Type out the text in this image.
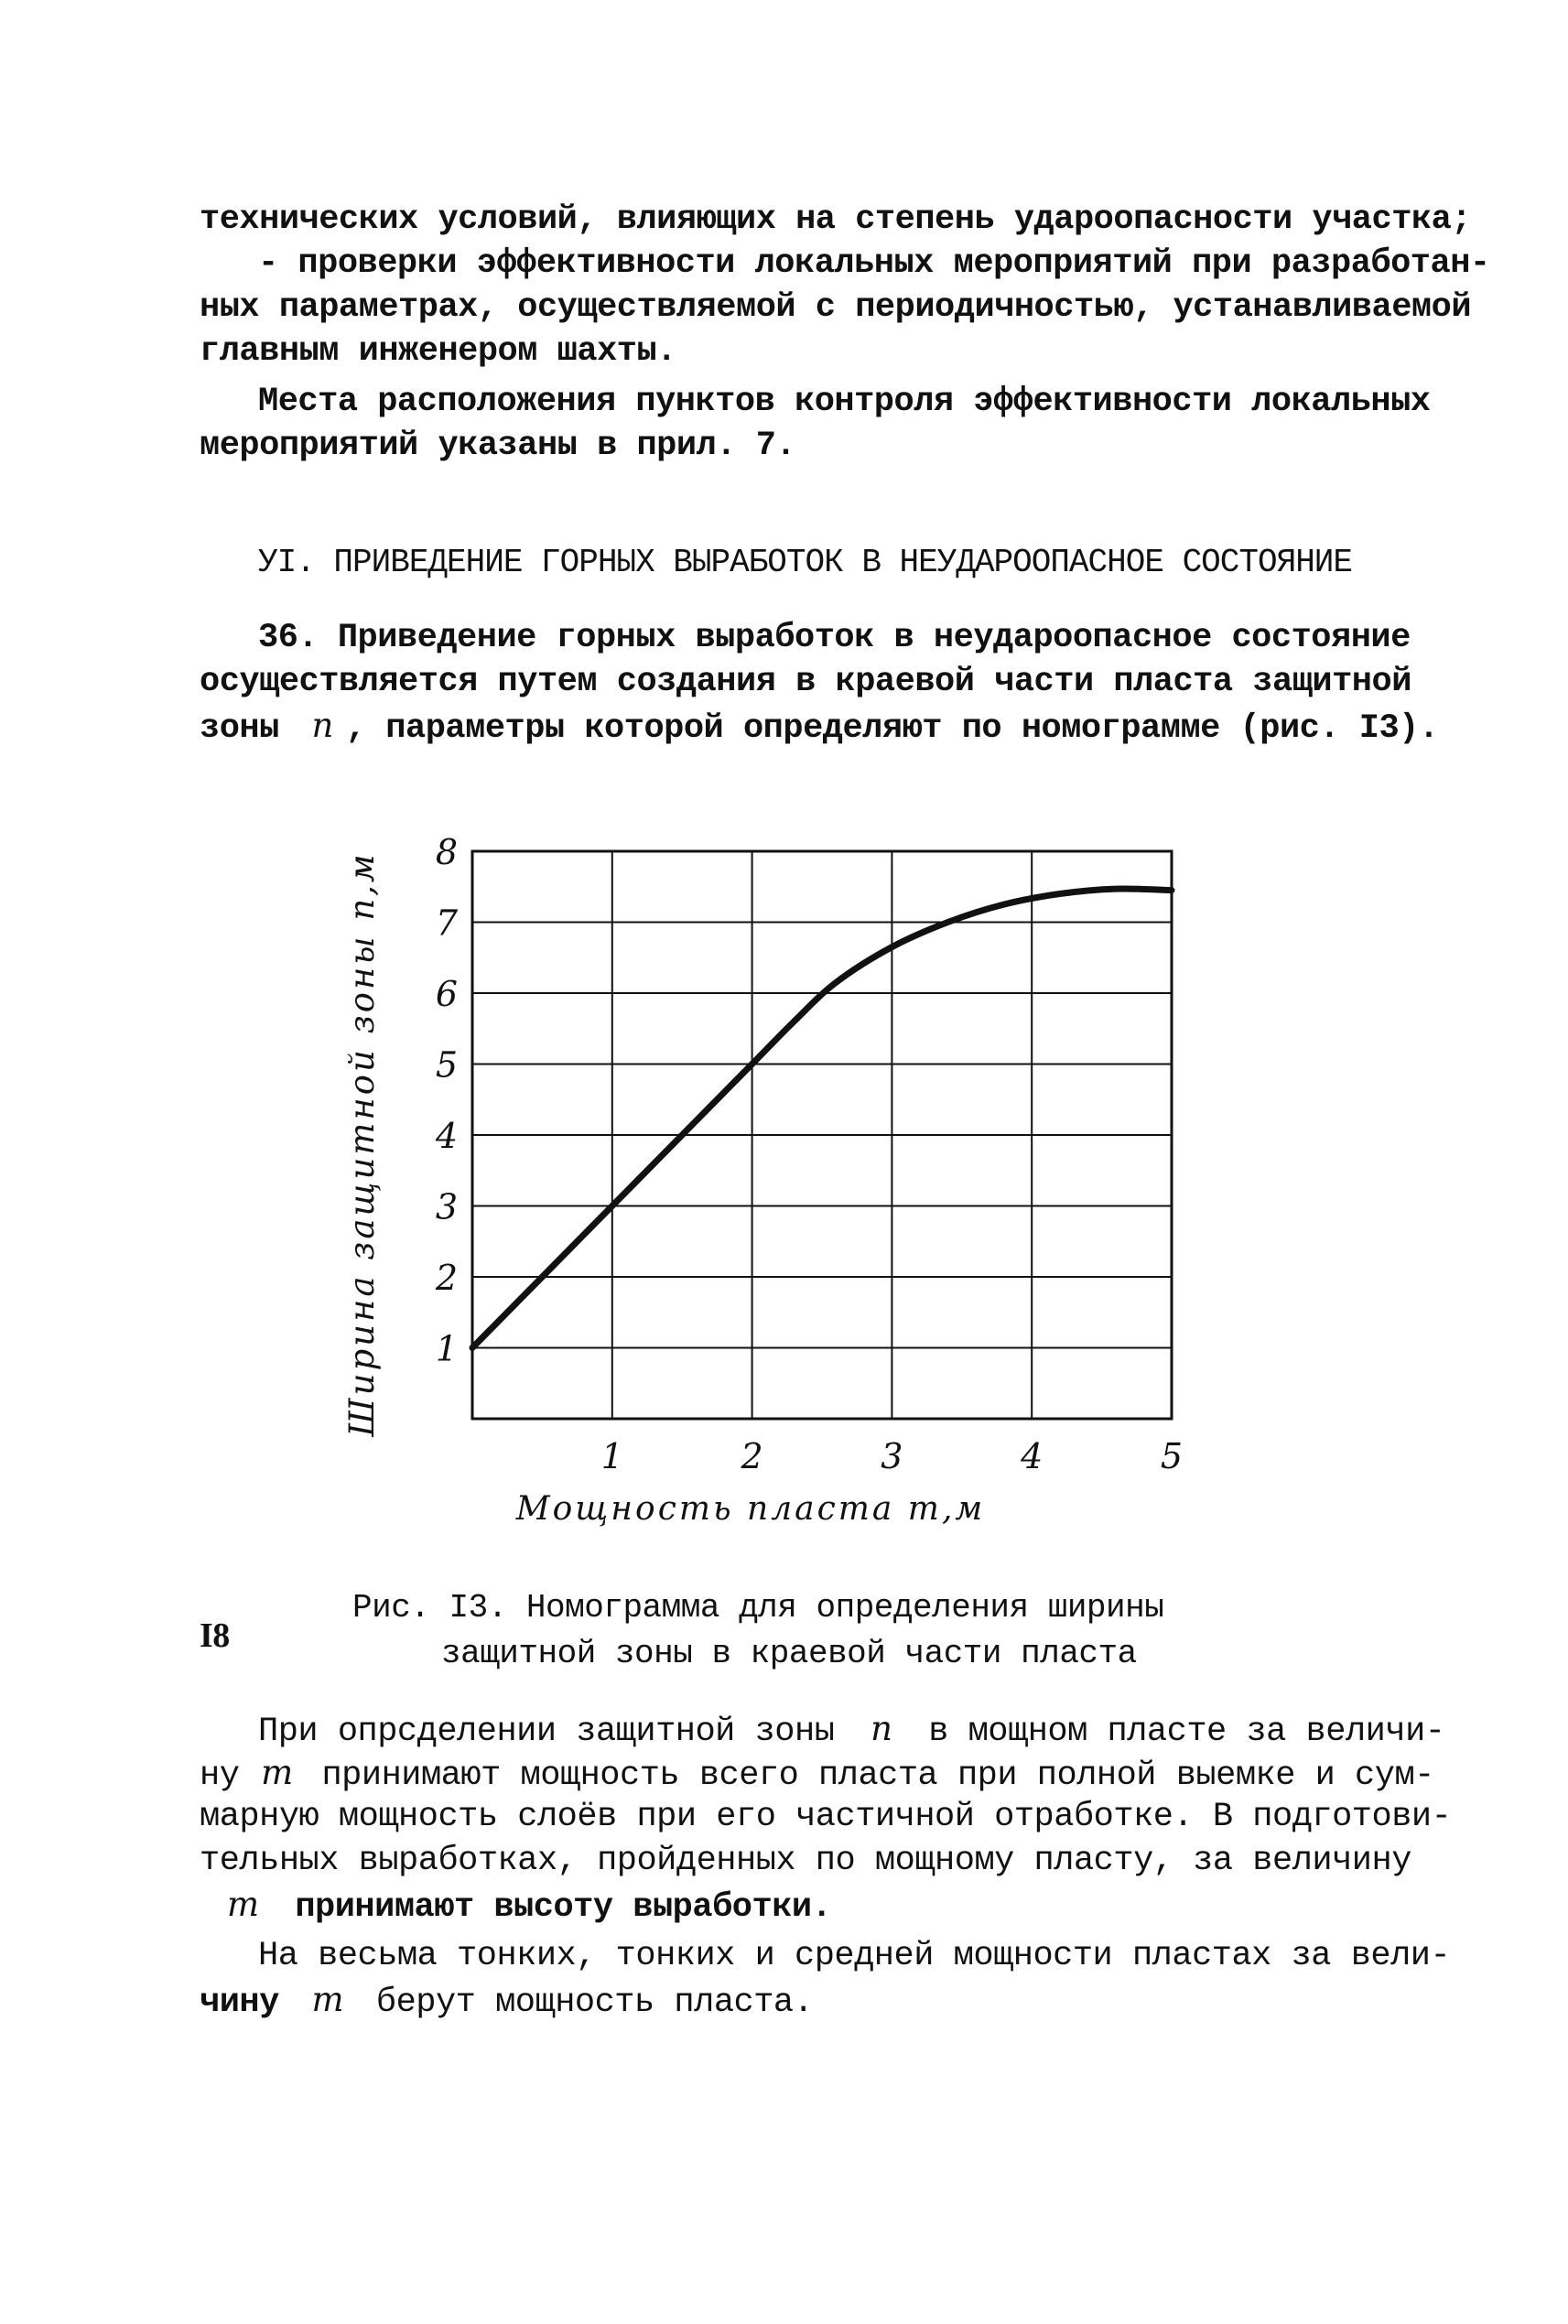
технических условий, влияющих на степень удароопасности участка;
- проверки эффективности локальных мероприятий при разработан-
ных параметрах, осуществляемой с периодичностью, устанавливаемой
главным инженером шахты.
Места расположения пунктов контроля эффективности локальных
мероприятий указаны в прил. 7.
УI. ПРИВЕДЕНИЕ ГОРНЫХ ВЫРАБОТОК В НЕУДАРООПАСНОЕ СОСТОЯНИЕ
36. Приведение горных выработок в неудароопасное состояние
осуществляется путем создания в краевой части пласта защитной
зоны n , параметры которой определяют по номограмме (рис. I3).
1
2
3
4
5
6
7
8
1	2	3	4	5
Ширина защитной зоны n,м
Мощность пласта m,м
Рис. I3. Номограмма для определения ширины
защитной зоны в краевой части пласта
При опрсделении защитной зоны n в мощном пласте за величи-
ну m принимают мощность всего пласта при полной выемке и сум-
марную мощность слоёв при его частичной отработке. В подготови-
тельных выработках, пройденных по мощному пласту, за величину
m принимают высоту выработки.
На весьма тонких, тонких и средней мощности пластах за вели-
чину m берут мощность пласта.
I8
